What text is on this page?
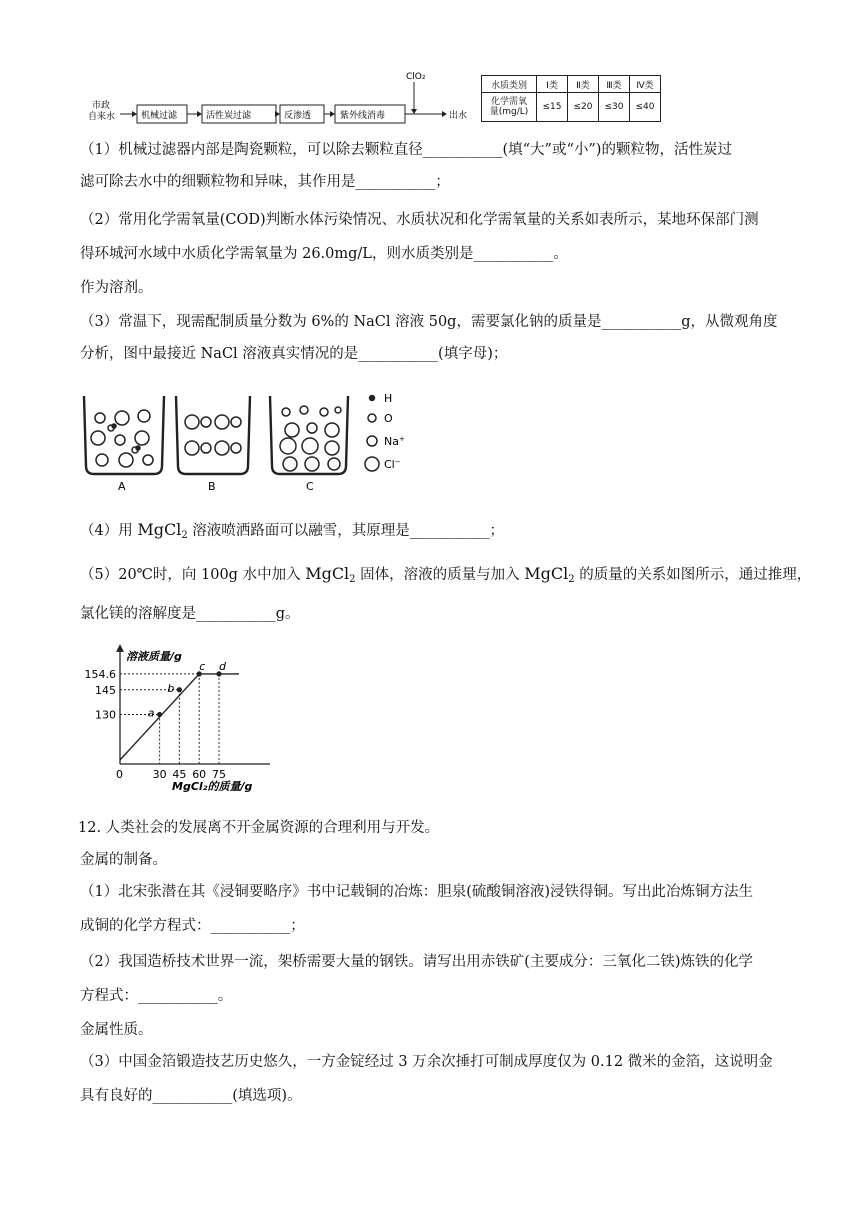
市政
自来水	机械过滤	活性炭过滤	反渗透	紫外线消毒
ClO₂
出水
水质类别	Ⅰ类	Ⅱ类	Ⅲ类	Ⅳ类
化学需氧
量(mg/L)	≤15	≤20	≤30	≤40
（1）机械过滤器内部是陶瓷颗粒，可以除去颗粒直径___________(填“大”或“小”)的颗粒物，活性炭过
滤可除去水中的细颗粒物和异味，其作用是___________；
（2）常用化学需氧量(COD)判断水体污染情况、水质状况和化学需氧量的关系如表所示，某地环保部门测
得环城河水域中水质化学需氧量为 26.0mg/L，则水质类别是___________。
作为溶剂。
（3）常温下，现需配制质量分数为 6%的 NaCl 溶液 50g，需要氯化钠的质量是___________g，从微观角度
分析，图中最接近 NaCl 溶液真实情况的是___________(填字母)；
H
O
Na+
Cl−
A	B	C
（4）用 MgCl$_2$ 溶液喷洒路面可以融雪，其原理是___________；
（5）20℃时，向 100g 水中加入 MgCl$_2$ 固体，溶液的质量与加入 MgCl$_2$ 的质量的关系如图所示，通过推理，
氯化镁的溶解度是___________g。
溶液质量/g
MgCl₂的质量/g
a
b
c d
0	30 45 60 75
154.6
145
130
12. 人类社会的发展离不开金属资源的合理利用与开发。
金属的制备。
（1）北宋张潜在其《浸铜要略序》书中记载铜的冶炼：胆泉(硫酸铜溶液)浸铁得铜。写出此冶炼铜方法生
成铜的化学方程式：___________；
（2）我国造桥技术世界一流，架桥需要大量的钢铁。请写出用赤铁矿(主要成分：三氧化二铁)炼铁的化学
方程式：___________。
金属性质。
（3）中国金箔锻造技艺历史悠久，一方金锭经过 3 万余次捶打可制成厚度仅为 0.12 微米的金箔，这说明金
具有良好的___________(填选项)。
